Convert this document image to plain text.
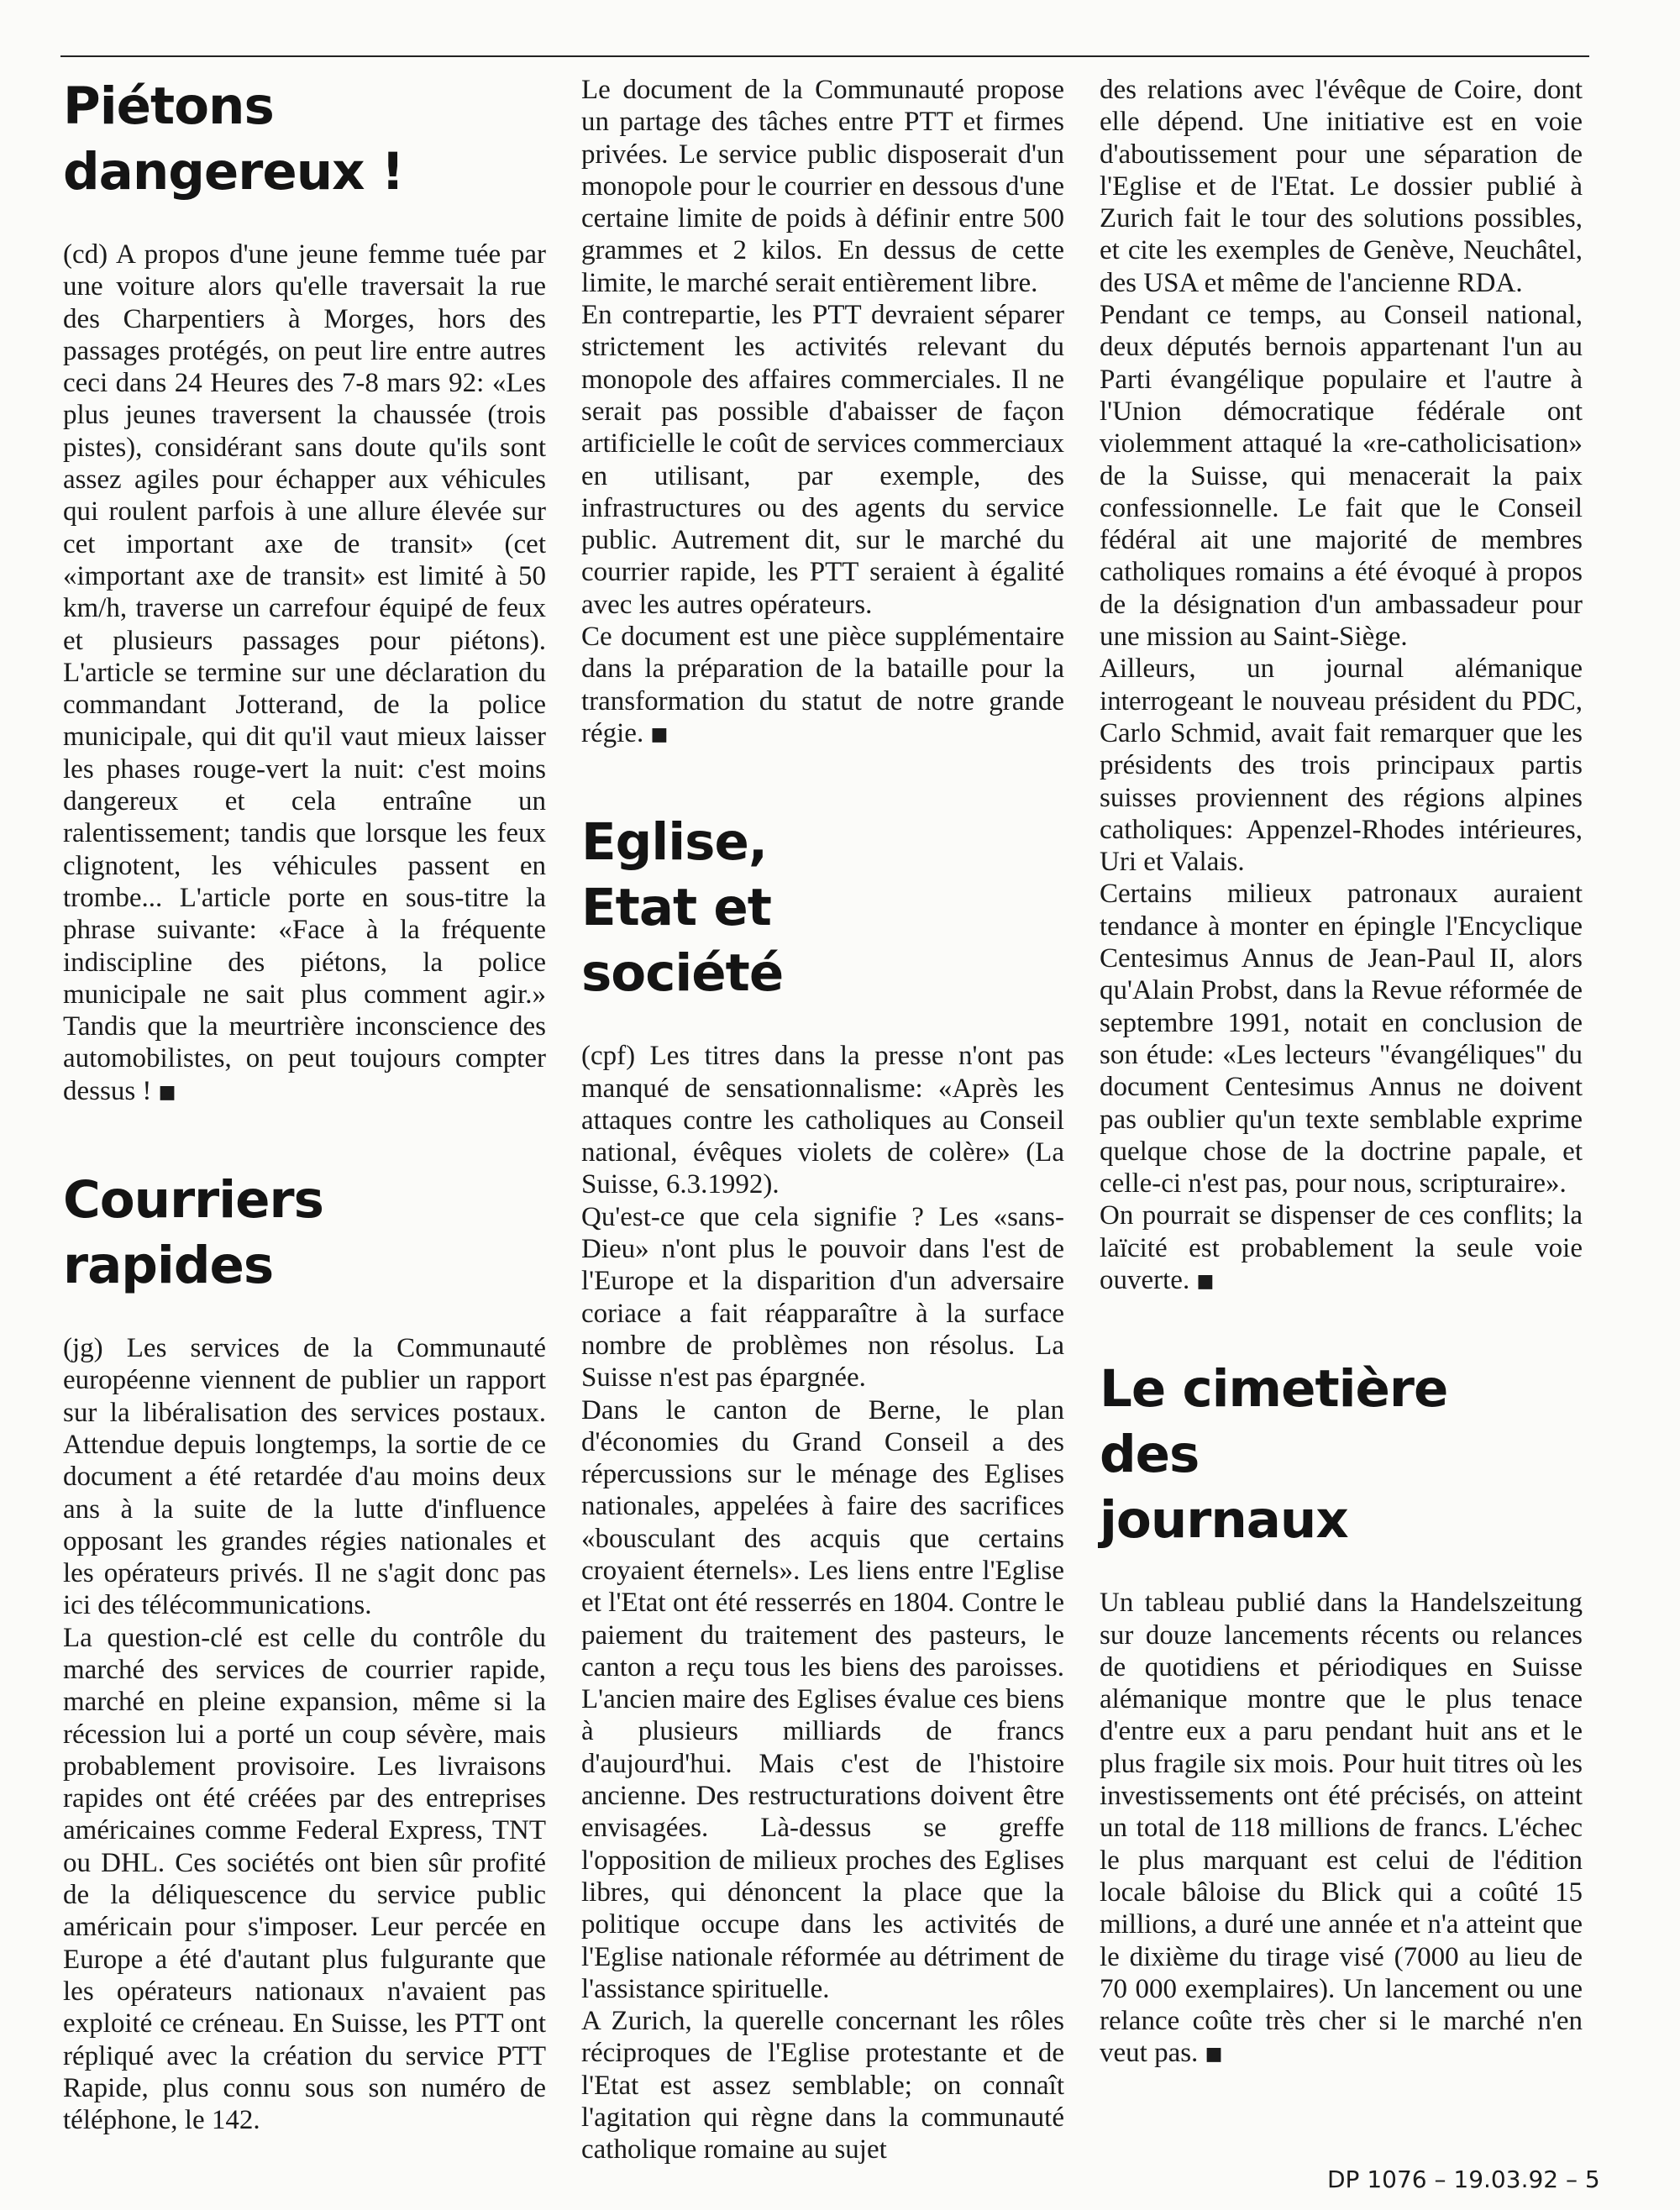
Piétons dangereux !

(cd) A propos d'une jeune femme tuée par une voiture alors qu'elle traversait la rue des Charpentiers à Morges, hors des passages protégés, on peut lire entre autres ceci dans 24 Heures des 7-8 mars 92: «Les plus jeunes traversent la chaussée (trois pistes), considérant sans doute qu'ils sont assez agiles pour échapper aux véhicules qui roulent parfois à une allure élevée sur cet important axe de transit» (cet «important axe de transit» est limité à 50 km/h, traverse un carrefour équipé de feux et plusieurs passages pour piétons). L'article se termine sur une déclaration du commandant Jotterand, de la police municipale, qui dit qu'il vaut mieux laisser les phases rouge-vert la nuit: c'est moins dangereux et cela entraîne un ralentissement; tandis que lorsque les feux clignotent, les véhicules passent en trombe... L'article porte en sous-titre la phrase suivante: «Face à la fréquente indiscipline des piétons, la police municipale ne sait plus comment agir.» Tandis que la meurtrière inconscience des automobilistes, on peut toujours compter dessus ! ■

Courriers rapides

(jg) Les services de la Communauté européenne viennent de publier un rapport sur la libéralisation des services postaux. Attendue depuis longtemps, la sortie de ce document a été retardée d'au moins deux ans à la suite de la lutte d'influence opposant les grandes régies nationales et les opérateurs privés. Il ne s'agit donc pas ici des télécommunications.

La question-clé est celle du contrôle du marché des services de courrier rapide, marché en pleine expansion, même si la récession lui a porté un coup sévère, mais probablement provisoire. Les livraisons rapides ont été créées par des entreprises américaines comme Federal Express, TNT ou DHL. Ces sociétés ont bien sûr profité de la déliquescence du service public américain pour s'imposer. Leur percée en Europe a été d'autant plus fulgurante que les opérateurs nationaux n'avaient pas exploité ce créneau. En Suisse, les PTT ont répliqué avec la création du service PTT Rapide, plus connu sous son numéro de téléphone, le 142.

Le document de la Communauté propose un partage des tâches entre PTT et firmes privées. Le service public disposerait d'un monopole pour le courrier en dessous d'une certaine limite de poids à définir entre 500 grammes et 2 kilos. En dessus de cette limite, le marché serait entièrement libre.

En contrepartie, les PTT devraient séparer strictement les activités relevant du monopole des affaires commerciales. Il ne serait pas possible d'abaisser de façon artificielle le coût de services commerciaux en utilisant, par exemple, des infrastructures ou des agents du service public. Autrement dit, sur le marché du courrier rapide, les PTT seraient à égalité avec les autres opérateurs.

Ce document est une pièce supplémentaire dans la préparation de la bataille pour la transformation du statut de notre grande régie. ■

Eglise, Etat et société

(cpf) Les titres dans la presse n'ont pas manqué de sensationnalisme: «Après les attaques contre les catholiques au Conseil national, évêques violets de colère» (La Suisse, 6.3.1992).

Qu'est-ce que cela signifie ? Les «sans-Dieu» n'ont plus le pouvoir dans l'est de l'Europe et la disparition d'un adversaire coriace a fait réapparaître à la surface nombre de problèmes non résolus. La Suisse n'est pas épargnée.

Dans le canton de Berne, le plan d'économies du Grand Conseil a des répercussions sur le ménage des Eglises nationales, appelées à faire des sacrifices «bousculant des acquis que certains croyaient éternels». Les liens entre l'Eglise et l'Etat ont été resserrés en 1804. Contre le paiement du traitement des pasteurs, le canton a reçu tous les biens des paroisses. L'ancien maire des Eglises évalue ces biens à plusieurs milliards de francs d'aujourd'hui. Mais c'est de l'histoire ancienne. Des restructurations doivent être envisagées. Là-dessus se greffe l'opposition de milieux proches des Eglises libres, qui dénoncent la place que la politique occupe dans les activités de l'Eglise nationale réformée au détriment de l'assistance spirituelle.

A Zurich, la querelle concernant les rôles réciproques de l'Eglise protestante et de l'Etat est assez semblable; on connaît l'agitation qui règne dans la communauté catholique romaine au sujet

des relations avec l'évêque de Coire, dont elle dépend. Une initiative est en voie d'aboutissement pour une séparation de l'Eglise et de l'Etat. Le dossier publié à Zurich fait le tour des solutions possibles, et cite les exemples de Genève, Neuchâtel, des USA et même de l'ancienne RDA.

Pendant ce temps, au Conseil national, deux députés bernois appartenant l'un au Parti évangélique populaire et l'autre à l'Union démocratique fédérale ont violemment attaqué la «re-catholicisation» de la Suisse, qui menacerait la paix confessionnelle. Le fait que le Conseil fédéral ait une majorité de membres catholiques romains a été évoqué à propos de la désignation d'un ambassadeur pour une mission au Saint-Siège.

Ailleurs, un journal alémanique interrogeant le nouveau président du PDC, Carlo Schmid, avait fait remarquer que les présidents des trois principaux partis suisses proviennent des régions alpines catholiques: Appenzel-Rhodes intérieures, Uri et Valais.

Certains milieux patronaux auraient tendance à monter en épingle l'Encyclique Centesimus Annus de Jean-Paul II, alors qu'Alain Probst, dans la Revue réformée de septembre 1991, notait en conclusion de son étude: «Les lecteurs "évangéliques" du document Centesimus Annus ne doivent pas oublier qu'un texte semblable exprime quelque chose de la doctrine papale, et celle-ci n'est pas, pour nous, scripturaire».

On pourrait se dispenser de ces conflits; la laïcité est probablement la seule voie ouverte. ■

Le cimetière des journaux

Un tableau publié dans la Handelszeitung sur douze lancements récents ou relances de quotidiens et périodiques en Suisse alémanique montre que le plus tenace d'entre eux a paru pendant huit ans et le plus fragile six mois. Pour huit titres où les investissements ont été précisés, on atteint un total de 118 millions de francs. L'échec le plus marquant est celui de l'édition locale bâloise du Blick qui a coûté 15 millions, a duré une année et n'a atteint que le dixième du tirage visé (7000 au lieu de 70 000 exemplaires). Un lancement ou une relance coûte très cher si le marché n'en veut pas. ■

DP 1076 – 19.03.92 – 5
